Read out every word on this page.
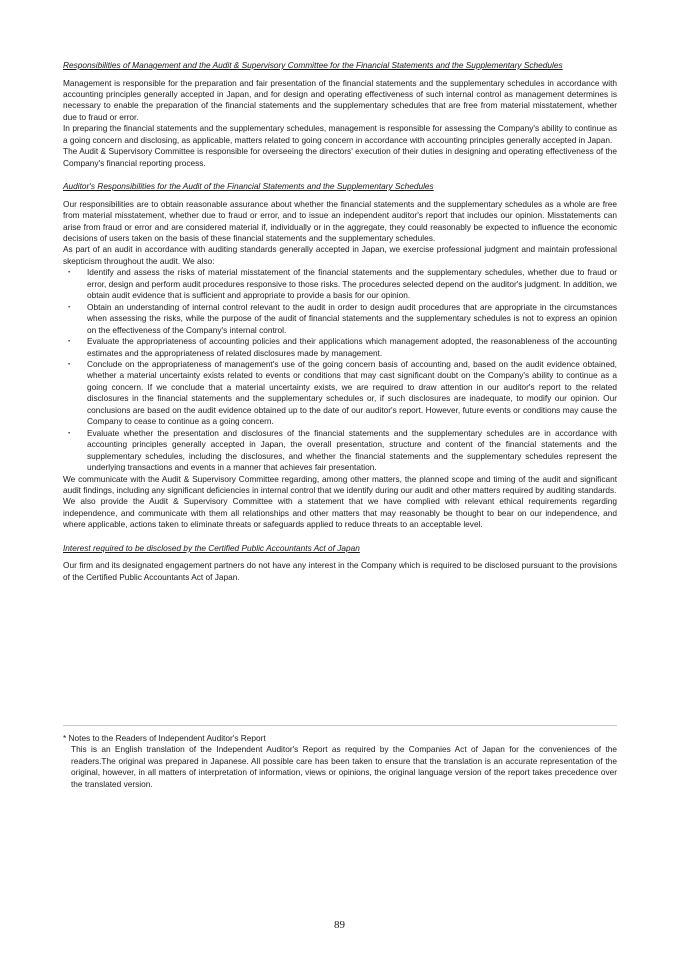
Responsibilities of Management and the Audit & Supervisory Committee for the Financial Statements and the Supplementary Schedules

Management is responsible for the preparation and fair presentation of the financial statements and the supplementary schedules in accordance with accounting principles generally accepted in Japan, and for design and operating effectiveness of such internal control as management determines is necessary to enable the preparation of the financial statements and the supplementary schedules that are free from material misstatement, whether due to fraud or error.

In preparing the financial statements and the supplementary schedules, management is responsible for assessing the Company's ability to continue as a going concern and disclosing, as applicable, matters related to going concern in accordance with accounting principles generally accepted in Japan.

The Audit & Supervisory Committee is responsible for overseeing the directors' execution of their duties in designing and operating effectiveness of the Company's financial reporting process.

Auditor's Responsibilities for the Audit of the Financial Statements and the Supplementary Schedules

Our responsibilities are to obtain reasonable assurance about whether the financial statements and the supplementary schedules as a whole are free from material misstatement, whether due to fraud or error, and to issue an independent auditor's report that includes our opinion. Misstatements can arise from fraud or error and are considered material if, individually or in the aggregate, they could reasonably be expected to influence the economic decisions of users taken on the basis of these financial statements and the supplementary schedules.

As part of an audit in accordance with auditing standards generally accepted in Japan, we exercise professional judgment and maintain professional skepticism throughout the audit. We also:

・ Identify and assess the risks of material misstatement of the financial statements and the supplementary schedules, whether due to fraud or error, design and perform audit procedures responsive to those risks. The procedures selected depend on the auditor's judgment. In addition, we obtain audit evidence that is sufficient and appropriate to provide a basis for our opinion.
・ Obtain an understanding of internal control relevant to the audit in order to design audit procedures that are appropriate in the circumstances when assessing the risks, while the purpose of the audit of financial statements and the supplementary schedules is not to express an opinion on the effectiveness of the Company's internal control.
・ Evaluate the appropriateness of accounting policies and their applications which management adopted, the reasonableness of the accounting estimates and the appropriateness of related disclosures made by management.
・ Conclude on the appropriateness of management's use of the going concern basis of accounting and, based on the audit evidence obtained, whether a material uncertainty exists related to events or conditions that may cast significant doubt on the Company's ability to continue as a going concern. If we conclude that a material uncertainty exists, we are required to draw attention in our auditor's report to the related disclosures in the financial statements and the supplementary schedules or, if such disclosures are inadequate, to modify our opinion. Our conclusions are based on the audit evidence obtained up to the date of our auditor's report. However, future events or conditions may cause the Company to cease to continue as a going concern.
・ Evaluate whether the presentation and disclosures of the financial statements and the supplementary schedules are in accordance with accounting principles generally accepted in Japan, the overall presentation, structure and content of the financial statements and the supplementary schedules, including the disclosures, and whether the financial statements and the supplementary schedules represent the underlying transactions and events in a manner that achieves fair presentation.

We communicate with the Audit & Supervisory Committee regarding, among other matters, the planned scope and timing of the audit and significant audit findings, including any significant deficiencies in internal control that we identify during our audit and other matters required by auditing standards.

We also provide the Audit & Supervisory Committee with a statement that we have complied with relevant ethical requirements regarding independence, and communicate with them all relationships and other matters that may reasonably be thought to bear on our independence, and where applicable, actions taken to eliminate threats or safeguards applied to reduce threats to an acceptable level.

Interest required to be disclosed by the Certified Public Accountants Act of Japan

Our firm and its designated engagement partners do not have any interest in the Company which is required to be disclosed pursuant to the provisions of the Certified Public Accountants Act of Japan.

* Notes to the Readers of Independent Auditor's Report

This is an English translation of the Independent Auditor's Report as required by the Companies Act of Japan for the conveniences of the readers.The original was prepared in Japanese. All possible care has been taken to ensure that the translation is an accurate representation of the original, however, in all matters of interpretation of information, views or opinions, the original language version of the report takes precedence over the translated version.

89
